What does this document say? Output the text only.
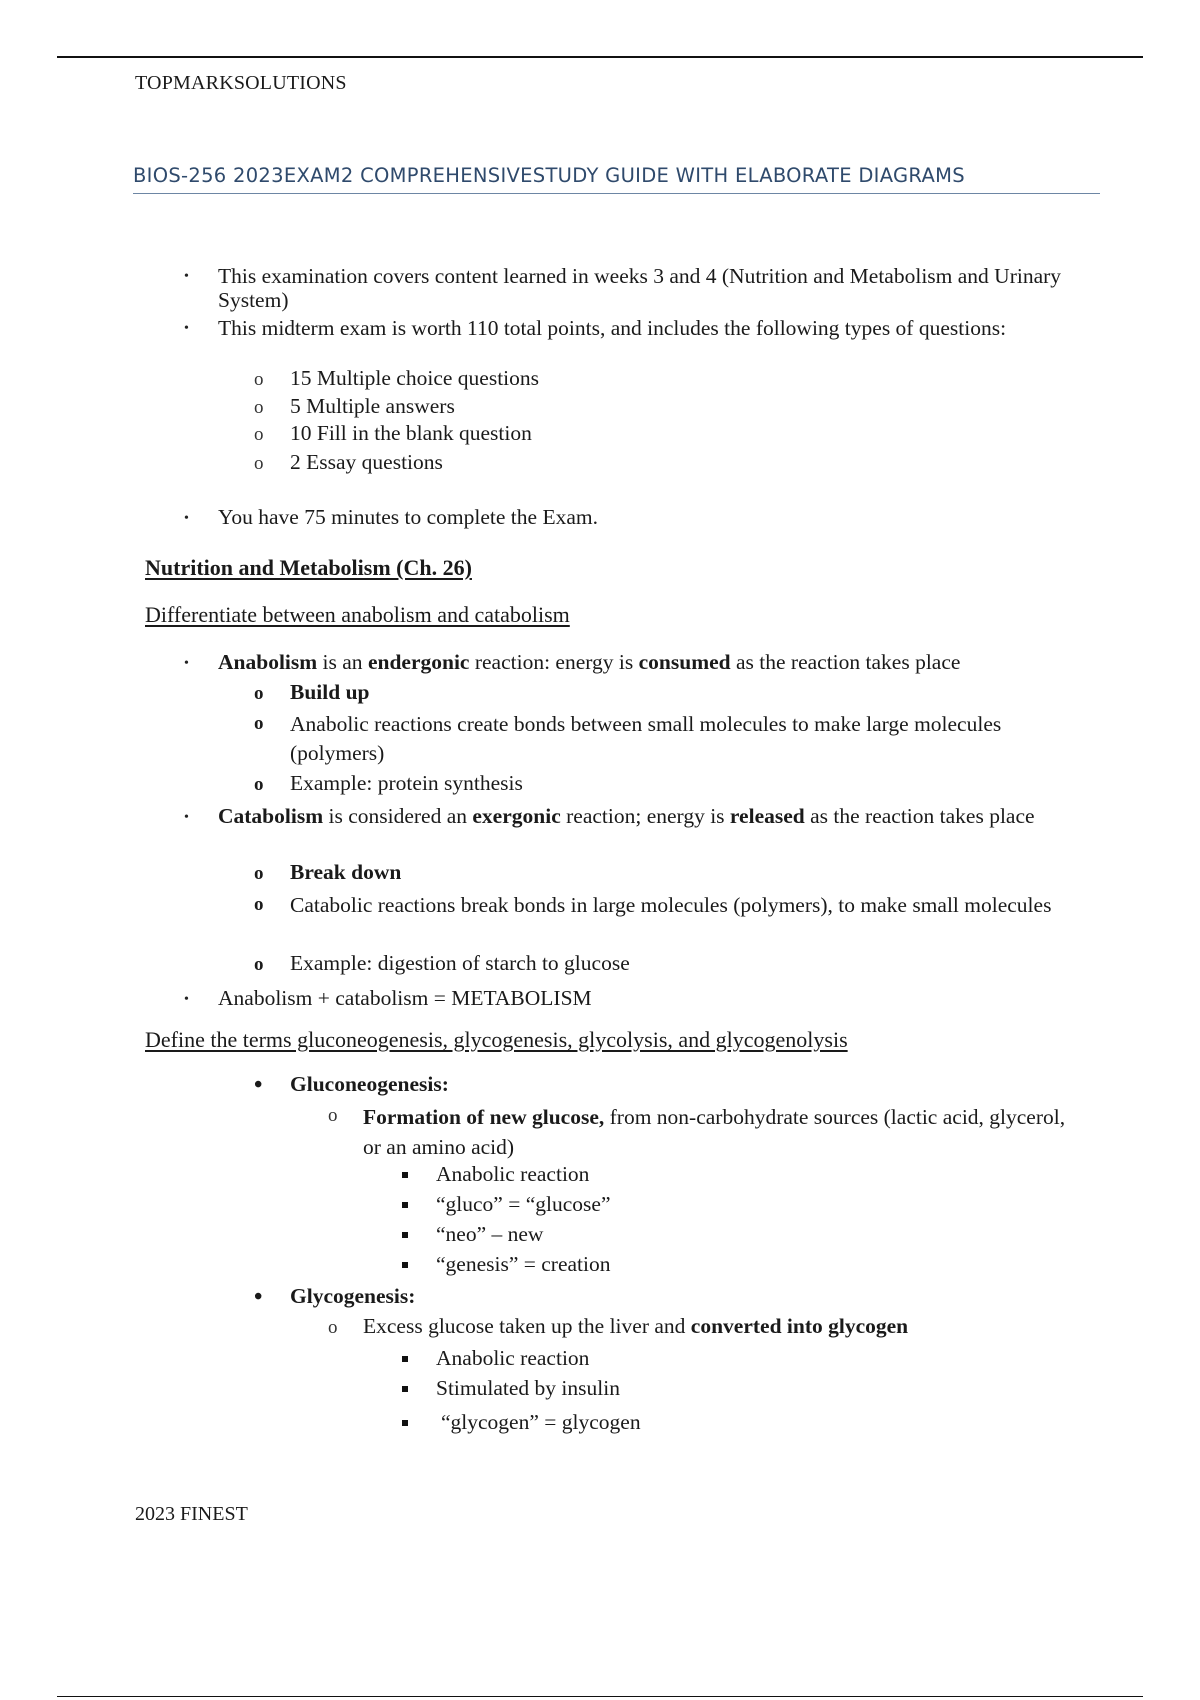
TOPMARKSOLUTIONS
BIOS-256 2023EXAM2 COMPREHENSIVESTUDY GUIDE WITH ELABORATE DIAGRAMS
• This examination covers content learned in weeks 3 and 4 (Nutrition and Metabolism and Urinary System)
• This midterm exam is worth 110 total points, and includes the following types of questions:
o 15 Multiple choice questions
o 5 Multiple answers
o 10 Fill in the blank question
o 2 Essay questions
• You have 75 minutes to complete the Exam.
Nutrition and Metabolism (Ch. 26)
Differentiate between anabolism and catabolism
• Anabolism is an endergonic reaction: energy is consumed as the reaction takes place
o Build up
o Anabolic reactions create bonds between small molecules to make large molecules (polymers)
o Example: protein synthesis
• Catabolism is considered an exergonic reaction; energy is released as the reaction takes place
o Break down
o Catabolic reactions break bonds in large molecules (polymers), to make small molecules
o Example: digestion of starch to glucose
• Anabolism + catabolism = METABOLISM
Define the terms gluconeogenesis, glycogenesis, glycolysis, and glycogenolysis
• Gluconeogenesis:
o Formation of new glucose, from non-carbohydrate sources (lactic acid, glycerol, or an amino acid)
Anabolic reaction
“gluco” = “glucose”
“neo” – new
“genesis” = creation
• Glycogenesis:
o Excess glucose taken up the liver and converted into glycogen
Anabolic reaction
Stimulated by insulin
“glycogen” = glycogen
2023 FINEST
